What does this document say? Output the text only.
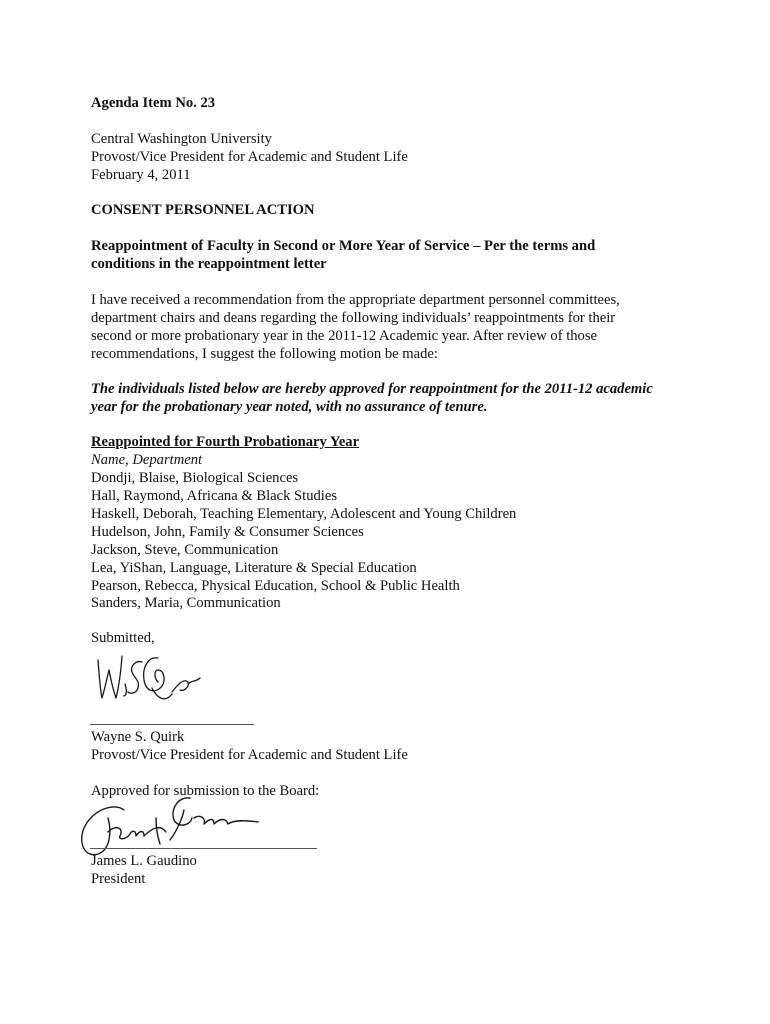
Agenda Item No. 23
Central Washington University
Provost/Vice President for Academic and Student Life
February 4, 2011
CONSENT PERSONNEL ACTION
Reappointment of Faculty in Second or More Year of Service – Per the terms and
conditions in the reappointment letter
I have received a recommendation from the appropriate department personnel committees,
department chairs and deans regarding the following individuals’ reappointments for their
second or more probationary year in the 2011-12 Academic year. After review of those
recommendations, I suggest the following motion be made:
The individuals listed below are hereby approved for reappointment for the 2011-12 academic
year for the probationary year noted, with no assurance of tenure.
Reappointed for Fourth Probationary Year
Name, Department
Dondji, Blaise, Biological Sciences
Hall, Raymond, Africana & Black Studies
Haskell, Deborah, Teaching Elementary, Adolescent and Young Children
Hudelson, John, Family & Consumer Sciences
Jackson, Steve, Communication
Lea, YiShan, Language, Literature & Special Education
Pearson, Rebecca, Physical Education, School & Public Health
Sanders, Maria, Communication
Submitted,
Wayne S. Quirk
Provost/Vice President for Academic and Student Life
Approved for submission to the Board:
James L. Gaudino
President
